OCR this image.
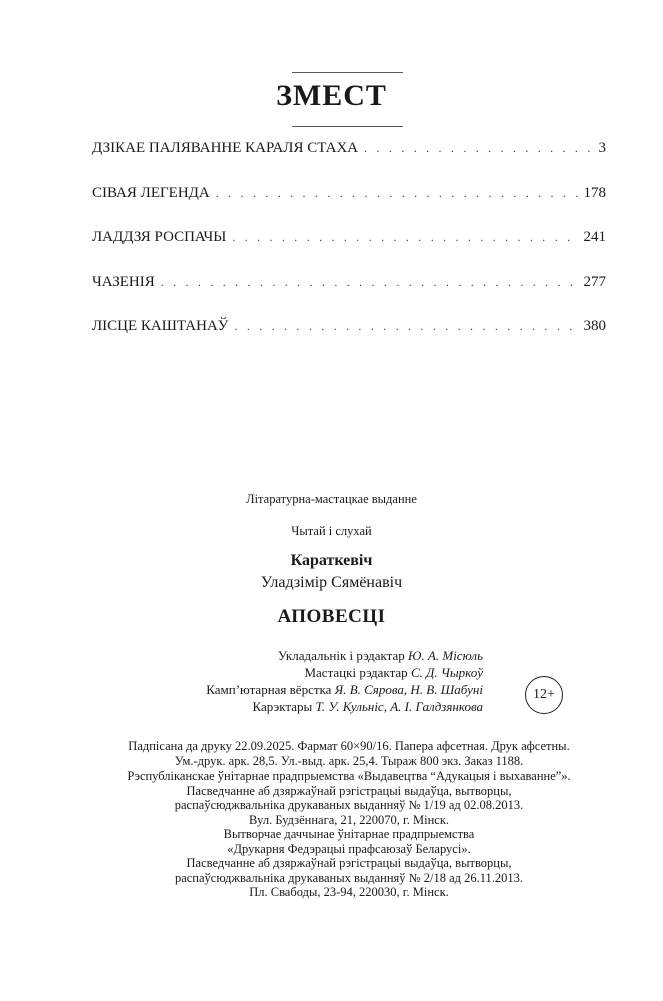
ЗМЕСТ
ДЗІКАЕ ПАЛЯВАННЕ КАРАЛЯ СТАХА . . .	3
СІВАЯ ЛЕГЕНДА . . .	178
ЛАДДЗЯ РОСПАЧЫ . . .	241
ЧАЗЕНІЯ . . .	277
ЛІСЦЕ КАШТАНАЎ . . .	380
Літаратурна-мастацкае выданне
Чытай і слухай
Караткевіч
Уладзімір Сямёнавіч
АПОВЕСЦІ
Укладальнік і рэдактар Ю. А. Місюль
Мастацкі рэдактар С. Д. Чыркоў
Камп’ютарная вёрстка Я. В. Сярова, Н. В. Шабуні
Карэктары Т. У. Кульніс, А. І. Галдзянкова
12+

Падпісана да друку 22.09.2025. Фармат 60×90/16. Папера афсетная. Друк афсетны.

Ум.-друк. арк. 28,5. Ул.-выд. арк. 25,4. Тыраж 800 экз. Заказ 1188.

Рэспубліканскае ўнітарнае прадпрыемства «Выдавецтва “Адукацыя і выхаванне”».

Пасведчанне аб дзяржаўнай рэгістрацыі выдаўца, вытворцы,

распаўсюджвальніка друкаваных выданняў № 1/19 ад 02.08.2013.

Вул. Будзённага, 21, 220070, г. Мінск.

Вытворчае даччынае ўнітарнае прадпрыемства

«Друкарня Федэрацыі прафсаюзаў Беларусі».

Пасведчанне аб дзяржаўнай рэгістрацыі выдаўца, вытворцы,

распаўсюджвальніка друкаваных выданняў № 2/18 ад 26.11.2013.

Пл. Свабоды, 23-94, 220030, г. Мінск.
